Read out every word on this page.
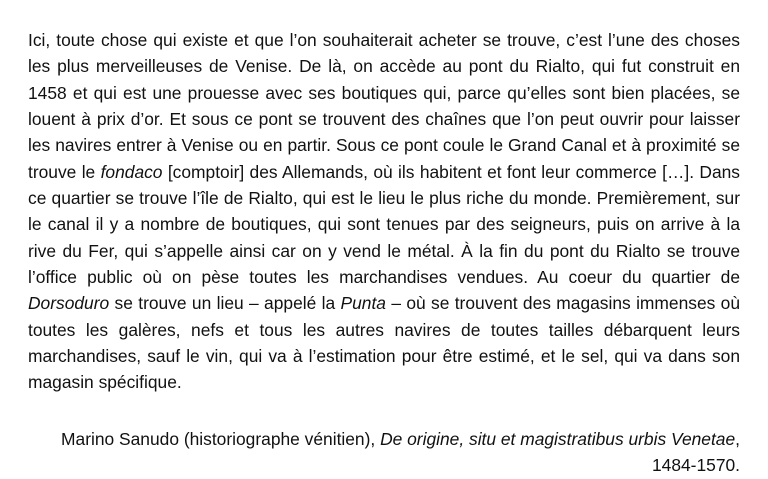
Ici, toute chose qui existe et que l’on souhaiterait acheter se trouve, c’est l’une des choses les plus merveilleuses de Venise. De là, on accède au pont du Rialto, qui fut construit en 1458 et qui est une prouesse avec ses boutiques qui, parce qu’elles sont bien placées, se louent à prix d’or. Et sous ce pont se trouvent des chaînes que l’on peut ouvrir pour laisser les navires entrer à Venise ou en partir. Sous ce pont coule le Grand Canal et à proximité se trouve le fondaco [comptoir] des Allemands, où ils habitent et font leur commerce […]. Dans ce quartier se trouve l’île de Rialto, qui est le lieu le plus riche du monde. Premièrement, sur le canal il y a nombre de boutiques, qui sont tenues par des seigneurs, puis on arrive à la rive du Fer, qui s’appelle ainsi car on y vend le métal. À la fin du pont du Rialto se trouve l’office public où on pèse toutes les marchandises vendues. Au coeur du quartier de Dorsoduro se trouve un lieu – appelé la Punta – où se trouvent des magasins immenses où toutes les galères, nefs et tous les autres navires de toutes tailles débarquent leurs marchandises, sauf le vin, qui va à l’estimation pour être estimé, et le sel, qui va dans son magasin spécifique.

Marino Sanudo (historiographe vénitien), De origine, situ et magistratibus urbis Venetae,
1484-1570.
